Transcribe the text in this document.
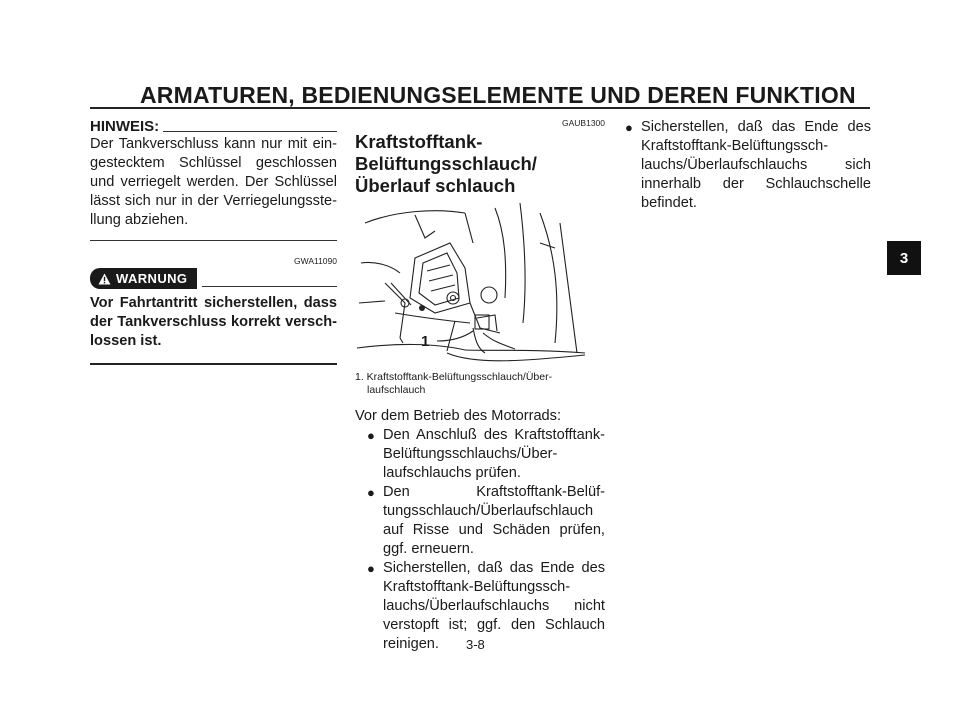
ARMATUREN, BEDIENUNGSELEMENTE UND DEREN FUNKTION
HINWEIS:
Der Tankverschluss kann nur mit ein-gestecktem Schlüssel geschlossen und verriegelt werden. Der Schlüssel lässt sich nur in der Verriegelungsste-llung abziehen.
GWA11090
WARNUNG
Vor Fahrtantritt sicherstellen, dass der Tankverschluss korrekt versch-lossen ist.
GAUB1300
Kraftstofftank-Belüftungsschlauch/Überlauf schlauch
1
1. Kraftstofftank-Belüftungsschlauch/Über-laufschlauch
Vor dem Betrieb des Motorrads:
● Den Anschluß des Kraftstofftank-Belüftungsschlauchs/Über-laufschlauchs prüfen.
● Den Kraftstofftank-Belüf-tungsschlauch/Überlaufschlauch auf Risse und Schäden prüfen, ggf. erneuern.
● Sicherstellen, daß das Ende des Kraftstofftank-Belüftungssch-lauchs/Überlaufschlauchs nicht verstopft ist; ggf. den Schlauch reinigen.
● Sicherstellen, daß das Ende des Kraftstofftank-Belüftungssch-lauchs/Überlaufschlauchs sich innerhalb der Schlauchschelle befindet.
3-8
3
